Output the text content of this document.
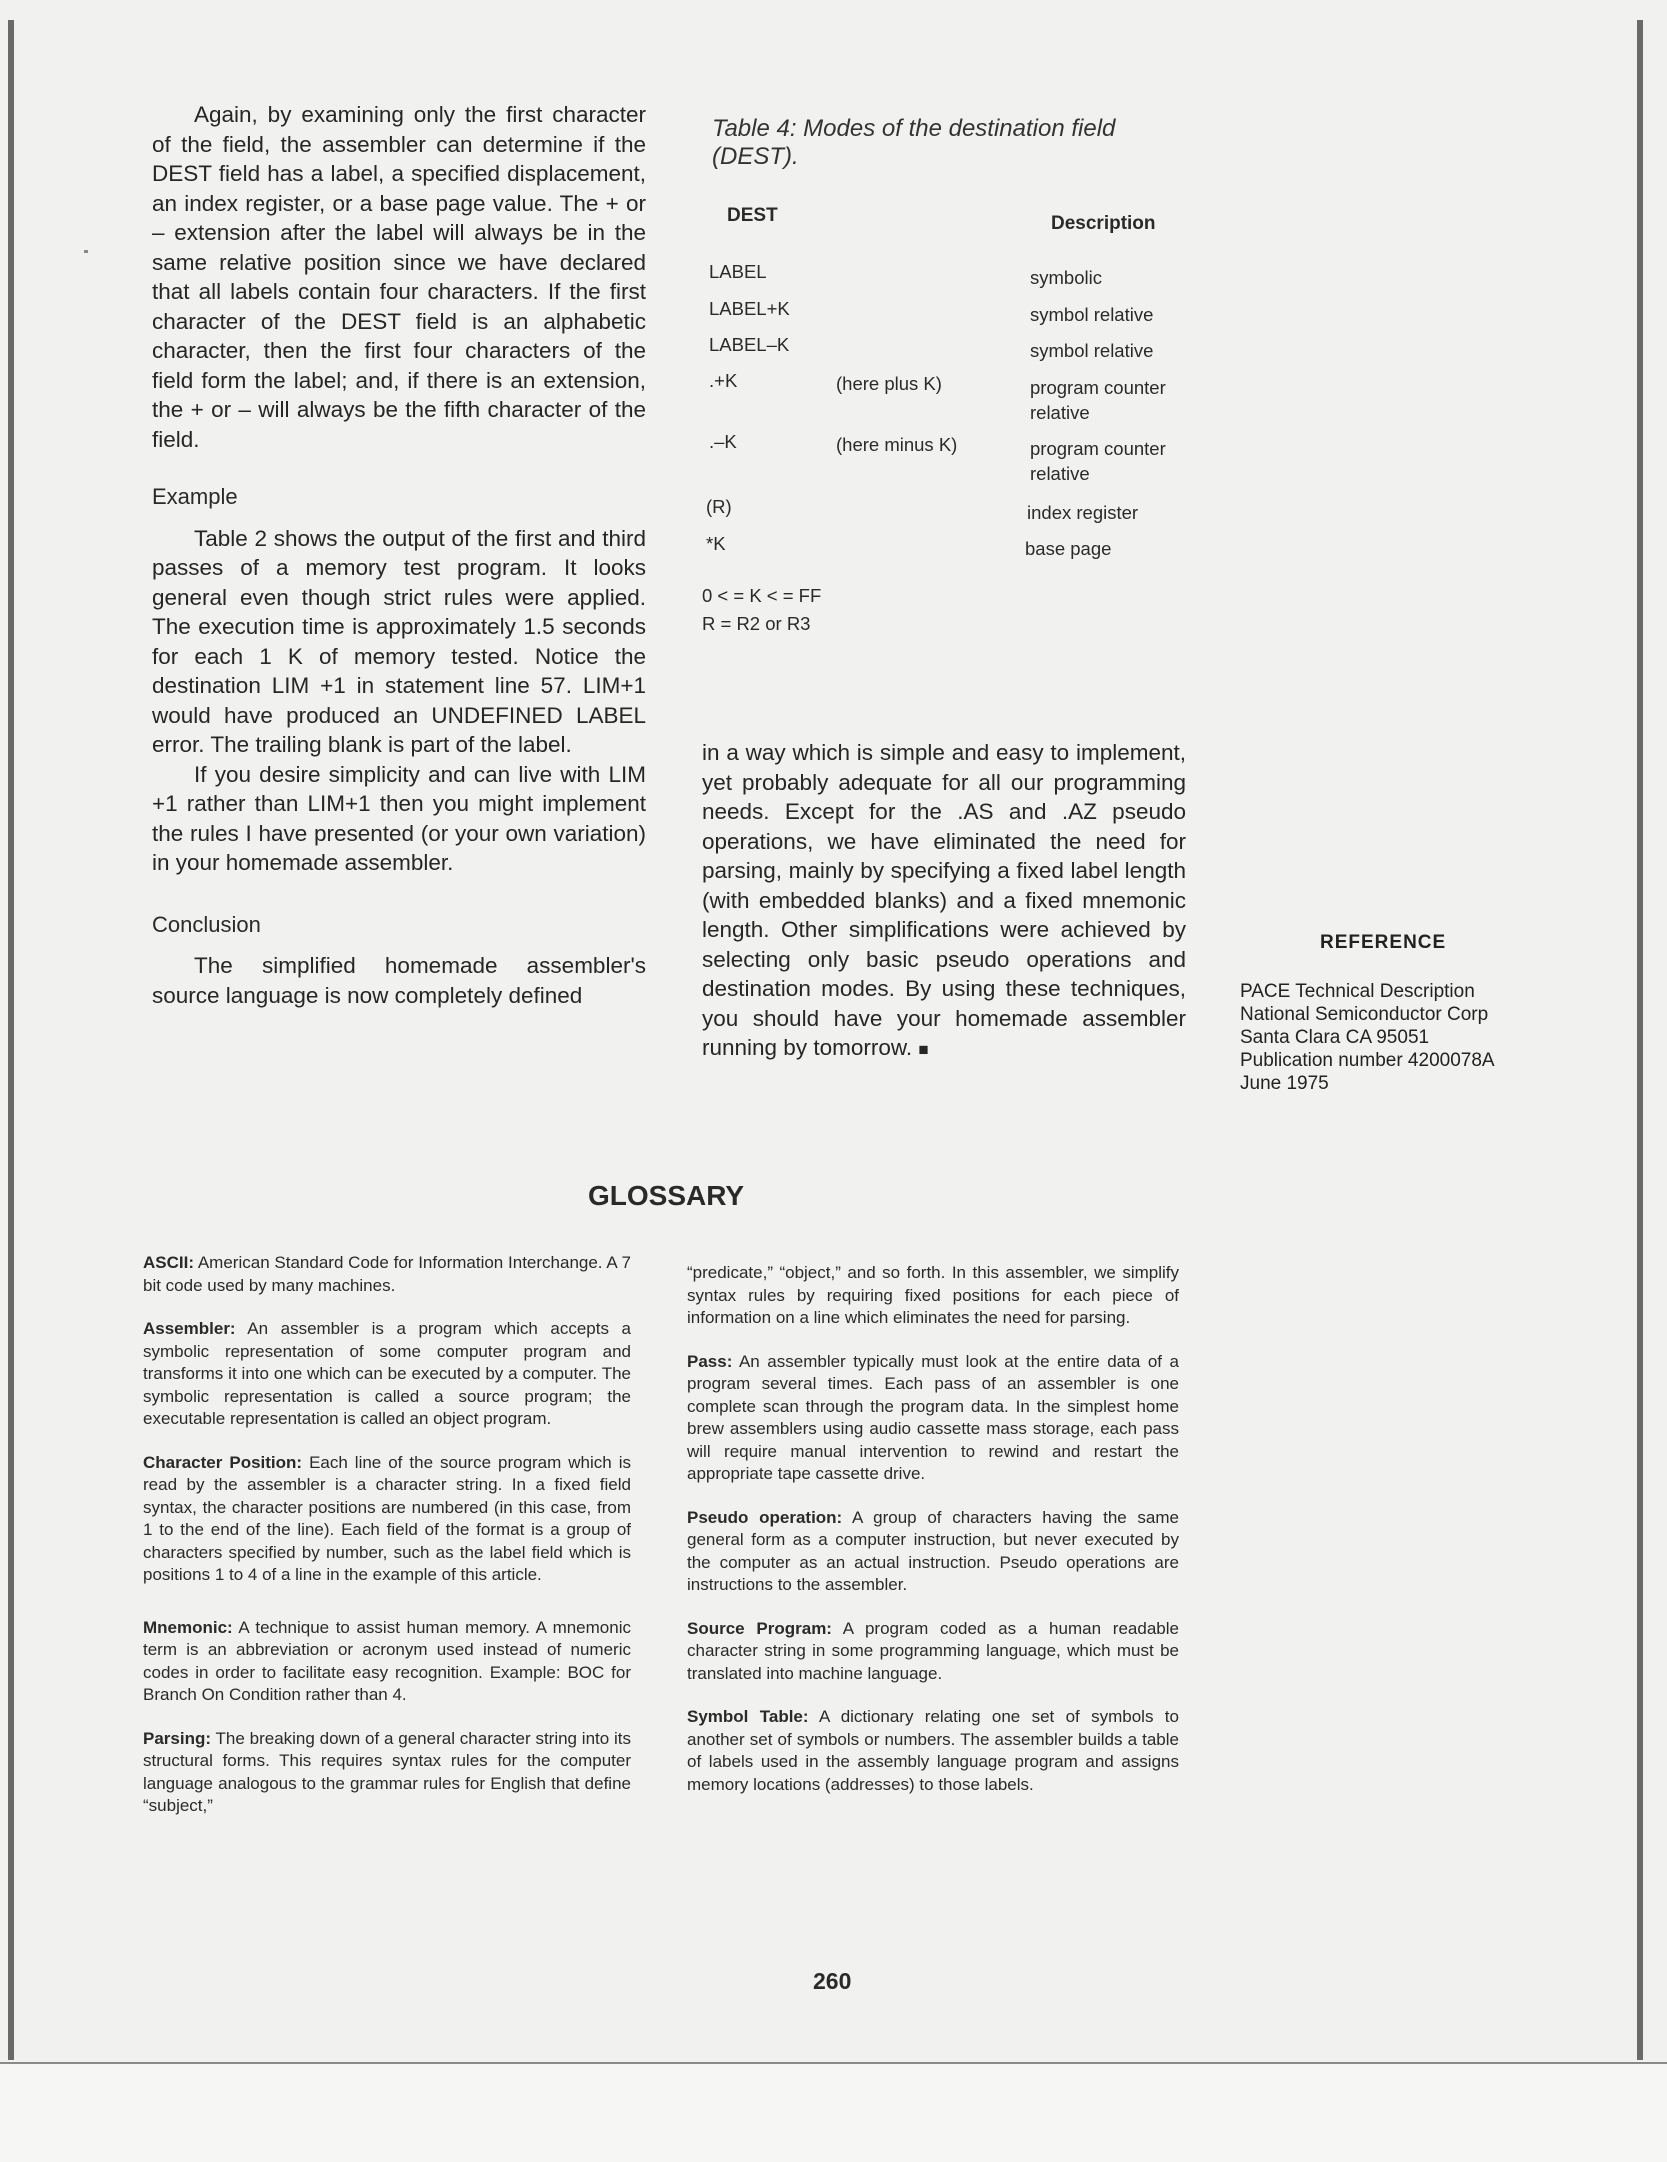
Again, by examining only the first character of the field, the assembler can determine if the DEST field has a label, a specified displacement, an index register, or a base page value. The + or – extension after the label will always be in the same relative position since we have declared that all labels contain four characters. If the first character of the DEST field is an alphabetic character, then the first four characters of the field form the label; and, if there is an extension, the + or – will always be the fifth character of the field.

Example

Table 2 shows the output of the first and third passes of a memory test program. It looks general even though strict rules were applied. The execution time is approximately 1.5 seconds for each 1 K of memory tested. Notice the destination LIM +1 in statement line 57. LIM+1 would have produced an UNDEFINED LABEL error. The trailing blank is part of the label.

If you desire simplicity and can live with LIM +1 rather than LIM+1 then you might implement the rules I have presented (or your own variation) in your homemade assembler.

Conclusion

The simplified homemade assembler's source language is now completely defined

Table 4: Modes of the destination field (DEST).
DEST	Description
LABEL	symbolic
LABEL+K	symbol relative
LABEL–K	symbol relative
.+K	(here plus K)	program counter relative
.–K	(here minus K)	program counter relative
(R)	index register
*K	base page
0 < = K < = FF
R = R2 or R3

in a way which is simple and easy to implement, yet probably adequate for all our programming needs. Except for the .AS and .AZ pseudo operations, we have eliminated the need for parsing, mainly by specifying a fixed label length (with embedded blanks) and a fixed mnemonic length. Other simplifications were achieved by selecting only basic pseudo operations and destination modes. By using these techniques, you should have your homemade assembler running by tomorrow. ■

REFERENCE
PACE Technical Description
National Semiconductor Corp
Santa Clara CA 95051
Publication number 4200078A
June 1975
GLOSSARY

ASCII: American Standard Code for Information Interchange. A 7 bit code used by many machines.

Assembler: An assembler is a program which accepts a symbolic representation of some computer program and transforms it into one which can be executed by a computer. The symbolic representation is called a source program; the executable representation is called an object program.

Character Position: Each line of the source program which is read by the assembler is a character string. In a fixed field syntax, the character positions are numbered (in this case, from 1 to the end of the line). Each field of the format is a group of characters specified by number, such as the label field which is positions 1 to 4 of a line in the example of this article.

Mnemonic: A technique to assist human memory. A mnemonic term is an abbreviation or acronym used instead of numeric codes in order to facilitate easy recognition. Example: BOC for Branch On Condition rather than 4.

Parsing: The breaking down of a general character string into its structural forms. This requires syntax rules for the computer language analogous to the grammar rules for English that define “subject,”

“predicate,” “object,” and so forth. In this assembler, we simplify syntax rules by requiring fixed positions for each piece of information on a line which eliminates the need for parsing.

Pass: An assembler typically must look at the entire data of a program several times. Each pass of an assembler is one complete scan through the program data. In the simplest home brew assemblers using audio cassette mass storage, each pass will require manual intervention to rewind and restart the appropriate tape cassette drive.

Pseudo operation: A group of characters having the same general form as a computer instruction, but never executed by the computer as an actual instruction. Pseudo operations are instructions to the assembler.

Source Program: A program coded as a human readable character string in some programming language, which must be translated into machine language.

Symbol Table: A dictionary relating one set of symbols to another set of symbols or numbers. The assembler builds a table of labels used in the assembly language program and assigns memory locations (addresses) to those labels.

260
